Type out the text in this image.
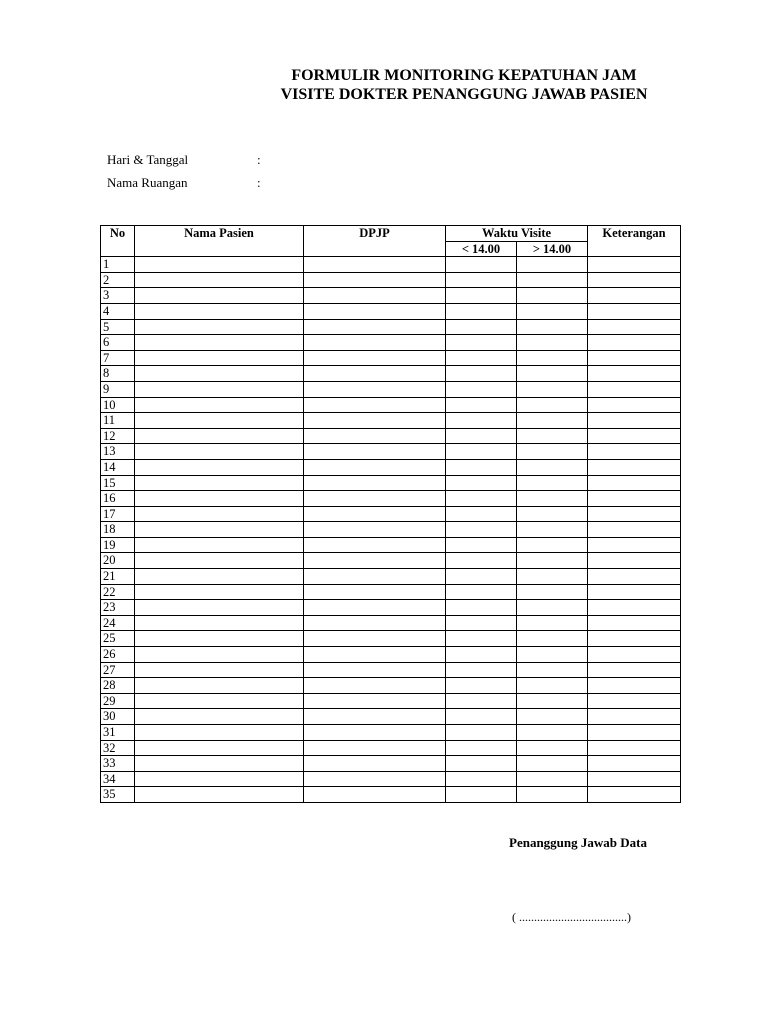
FORMULIR MONITORING KEPATUHAN JAM
VISITE DOKTER PENANGGUNG JAWAB PASIEN
Hari & Tanggal	:
Nama Ruangan	:
No	Nama Pasien	DPJP	Waktu Visite		Keterangan
			< 14.00	> 14.00	
1					
2					
3					
4					
5					
6					
7					
8					
9					
10					
11					
12					
13					
14					
15					
16					
17					
18					
19					
20					
21					
22					
23					
24					
25					
26					
27					
28					
29					
30					
31					
32					
33					
34					
35					
Penanggung Jawab Data
( ....................................)
